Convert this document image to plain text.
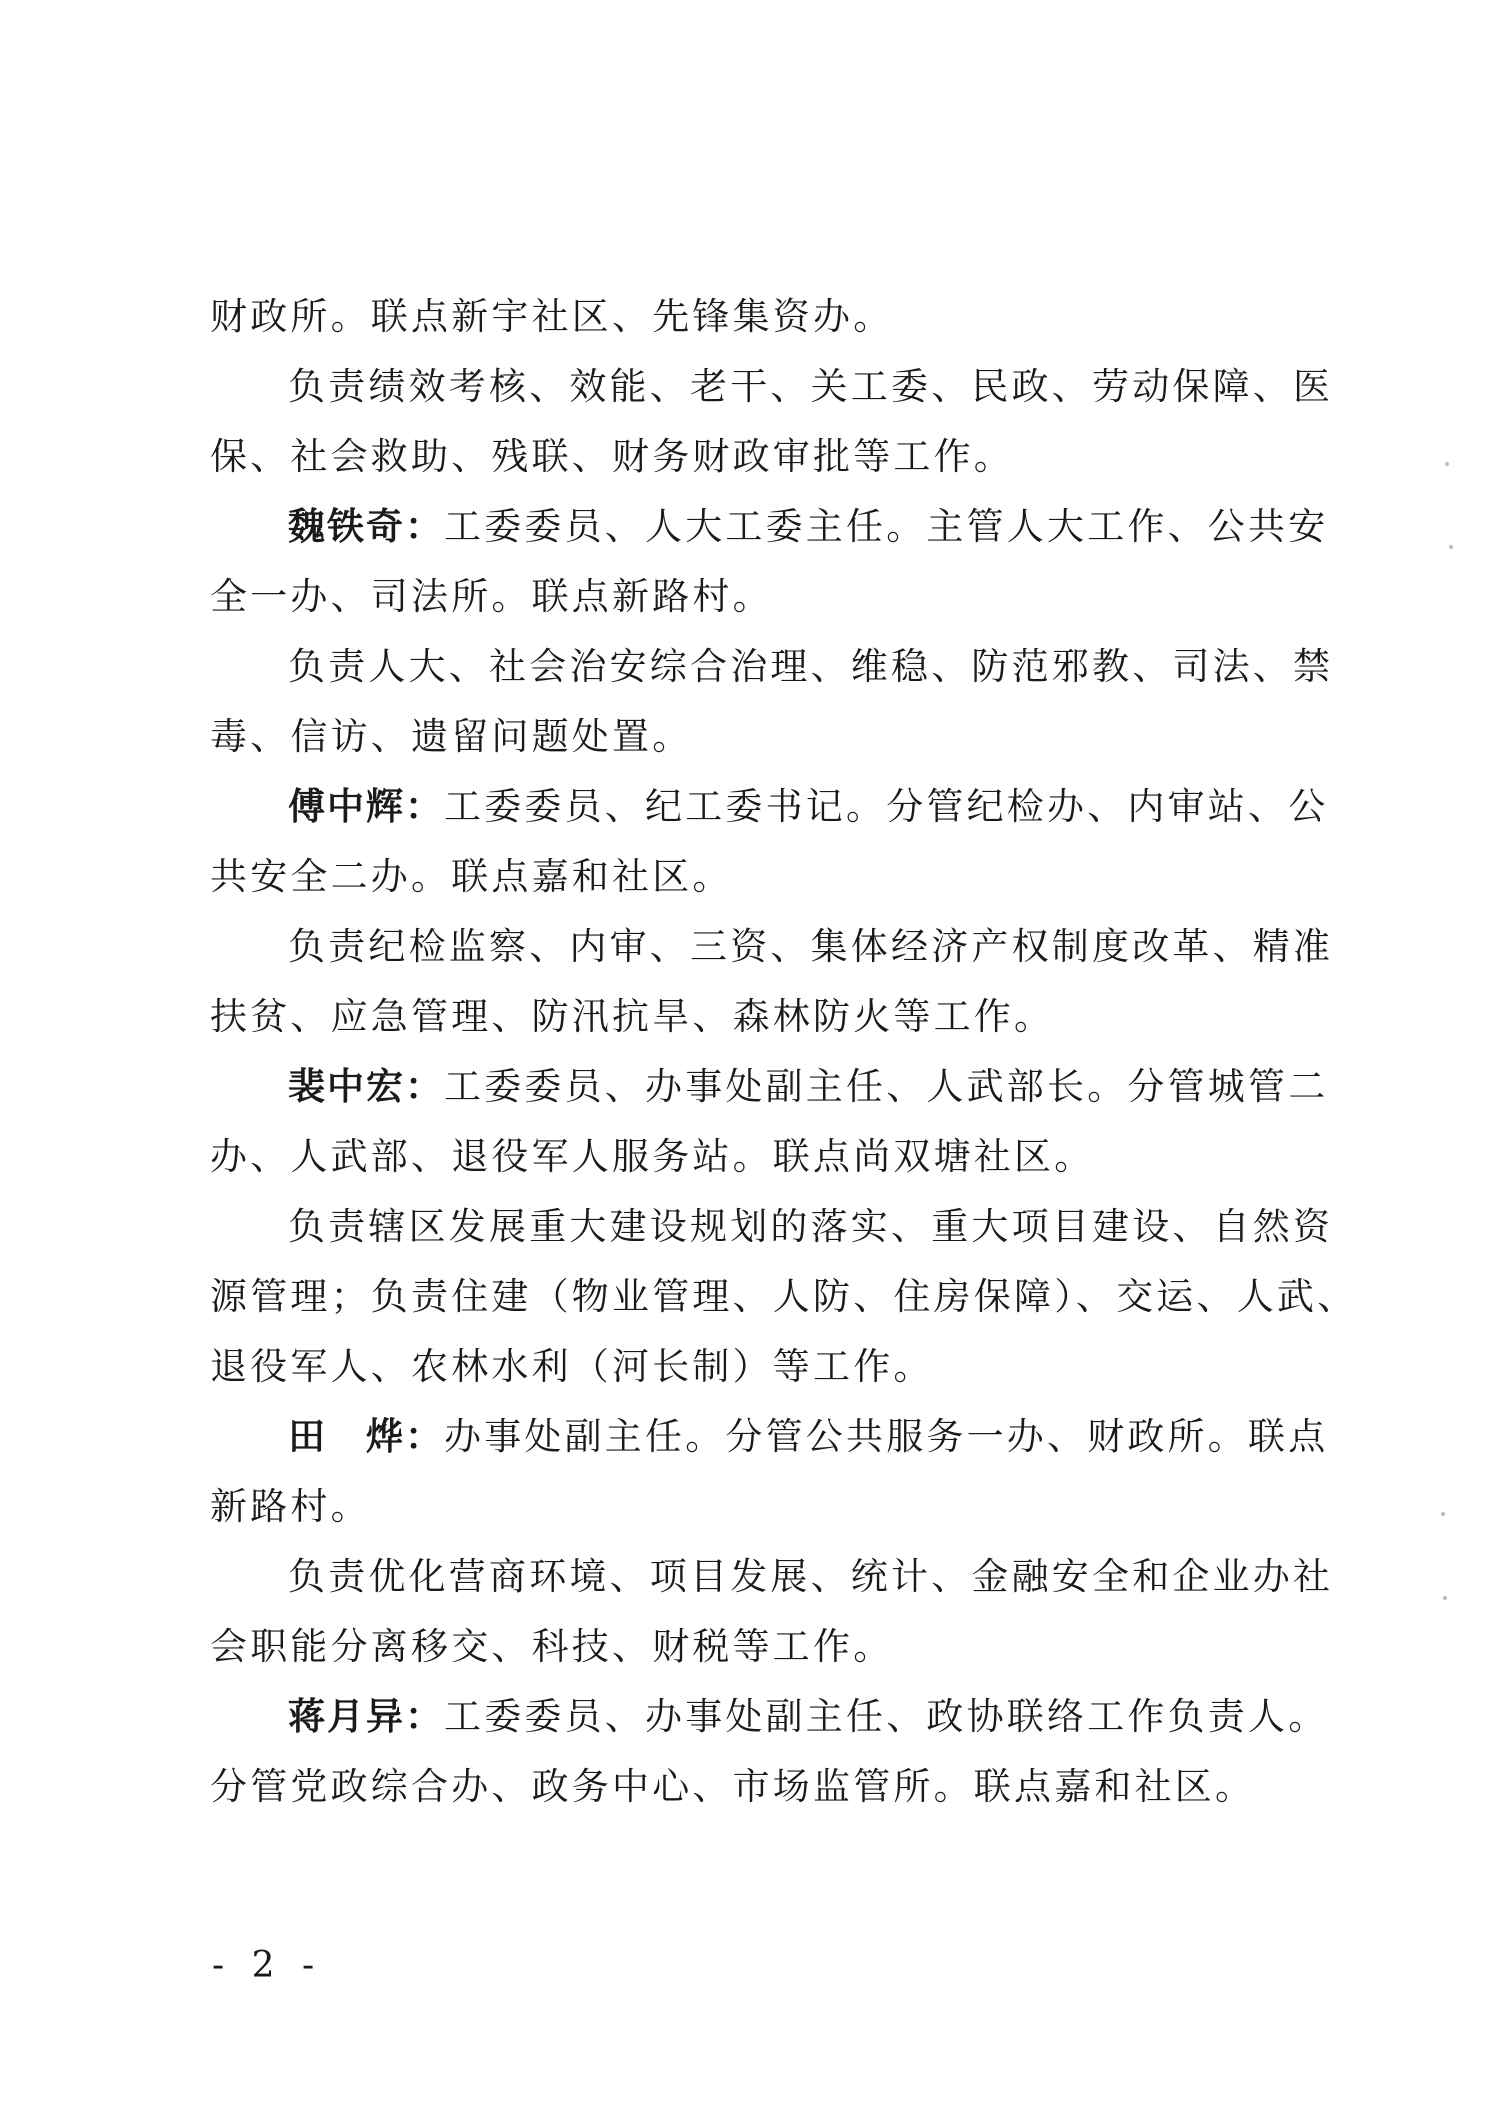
财政所。联点新宇社区、先锋集资办。
负责绩效考核、效能、老干、关工委、民政、劳动保障、医
保、社会救助、残联、财务财政审批等工作。
魏铁奇：工委委员、人大工委主任。主管人大工作、公共安
全一办、司法所。联点新路村。
负责人大、社会治安综合治理、维稳、防范邪教、司法、禁
毒、信访、遗留问题处置。
傅中辉：工委委员、纪工委书记。分管纪检办、内审站、公
共安全二办。联点嘉和社区。
负责纪检监察、内审、三资、集体经济产权制度改革、精准
扶贫、应急管理、防汛抗旱、森林防火等工作。
裴中宏：工委委员、办事处副主任、人武部长。分管城管二
办、人武部、退役军人服务站。联点尚双塘社区。
负责辖区发展重大建设规划的落实、重大项目建设、自然资
源管理；负责住建（物业管理、人防、住房保障）、交运、人武、
退役军人、农林水利（河长制）等工作。
田　烨：办事处副主任。分管公共服务一办、财政所。联点
新路村。
负责优化营商环境、项目发展、统计、金融安全和企业办社
会职能分离移交、科技、财税等工作。
蒋月异：工委委员、办事处副主任、政协联络工作负责人。
分管党政综合办、政务中心、市场监管所。联点嘉和社区。
- 2 -
